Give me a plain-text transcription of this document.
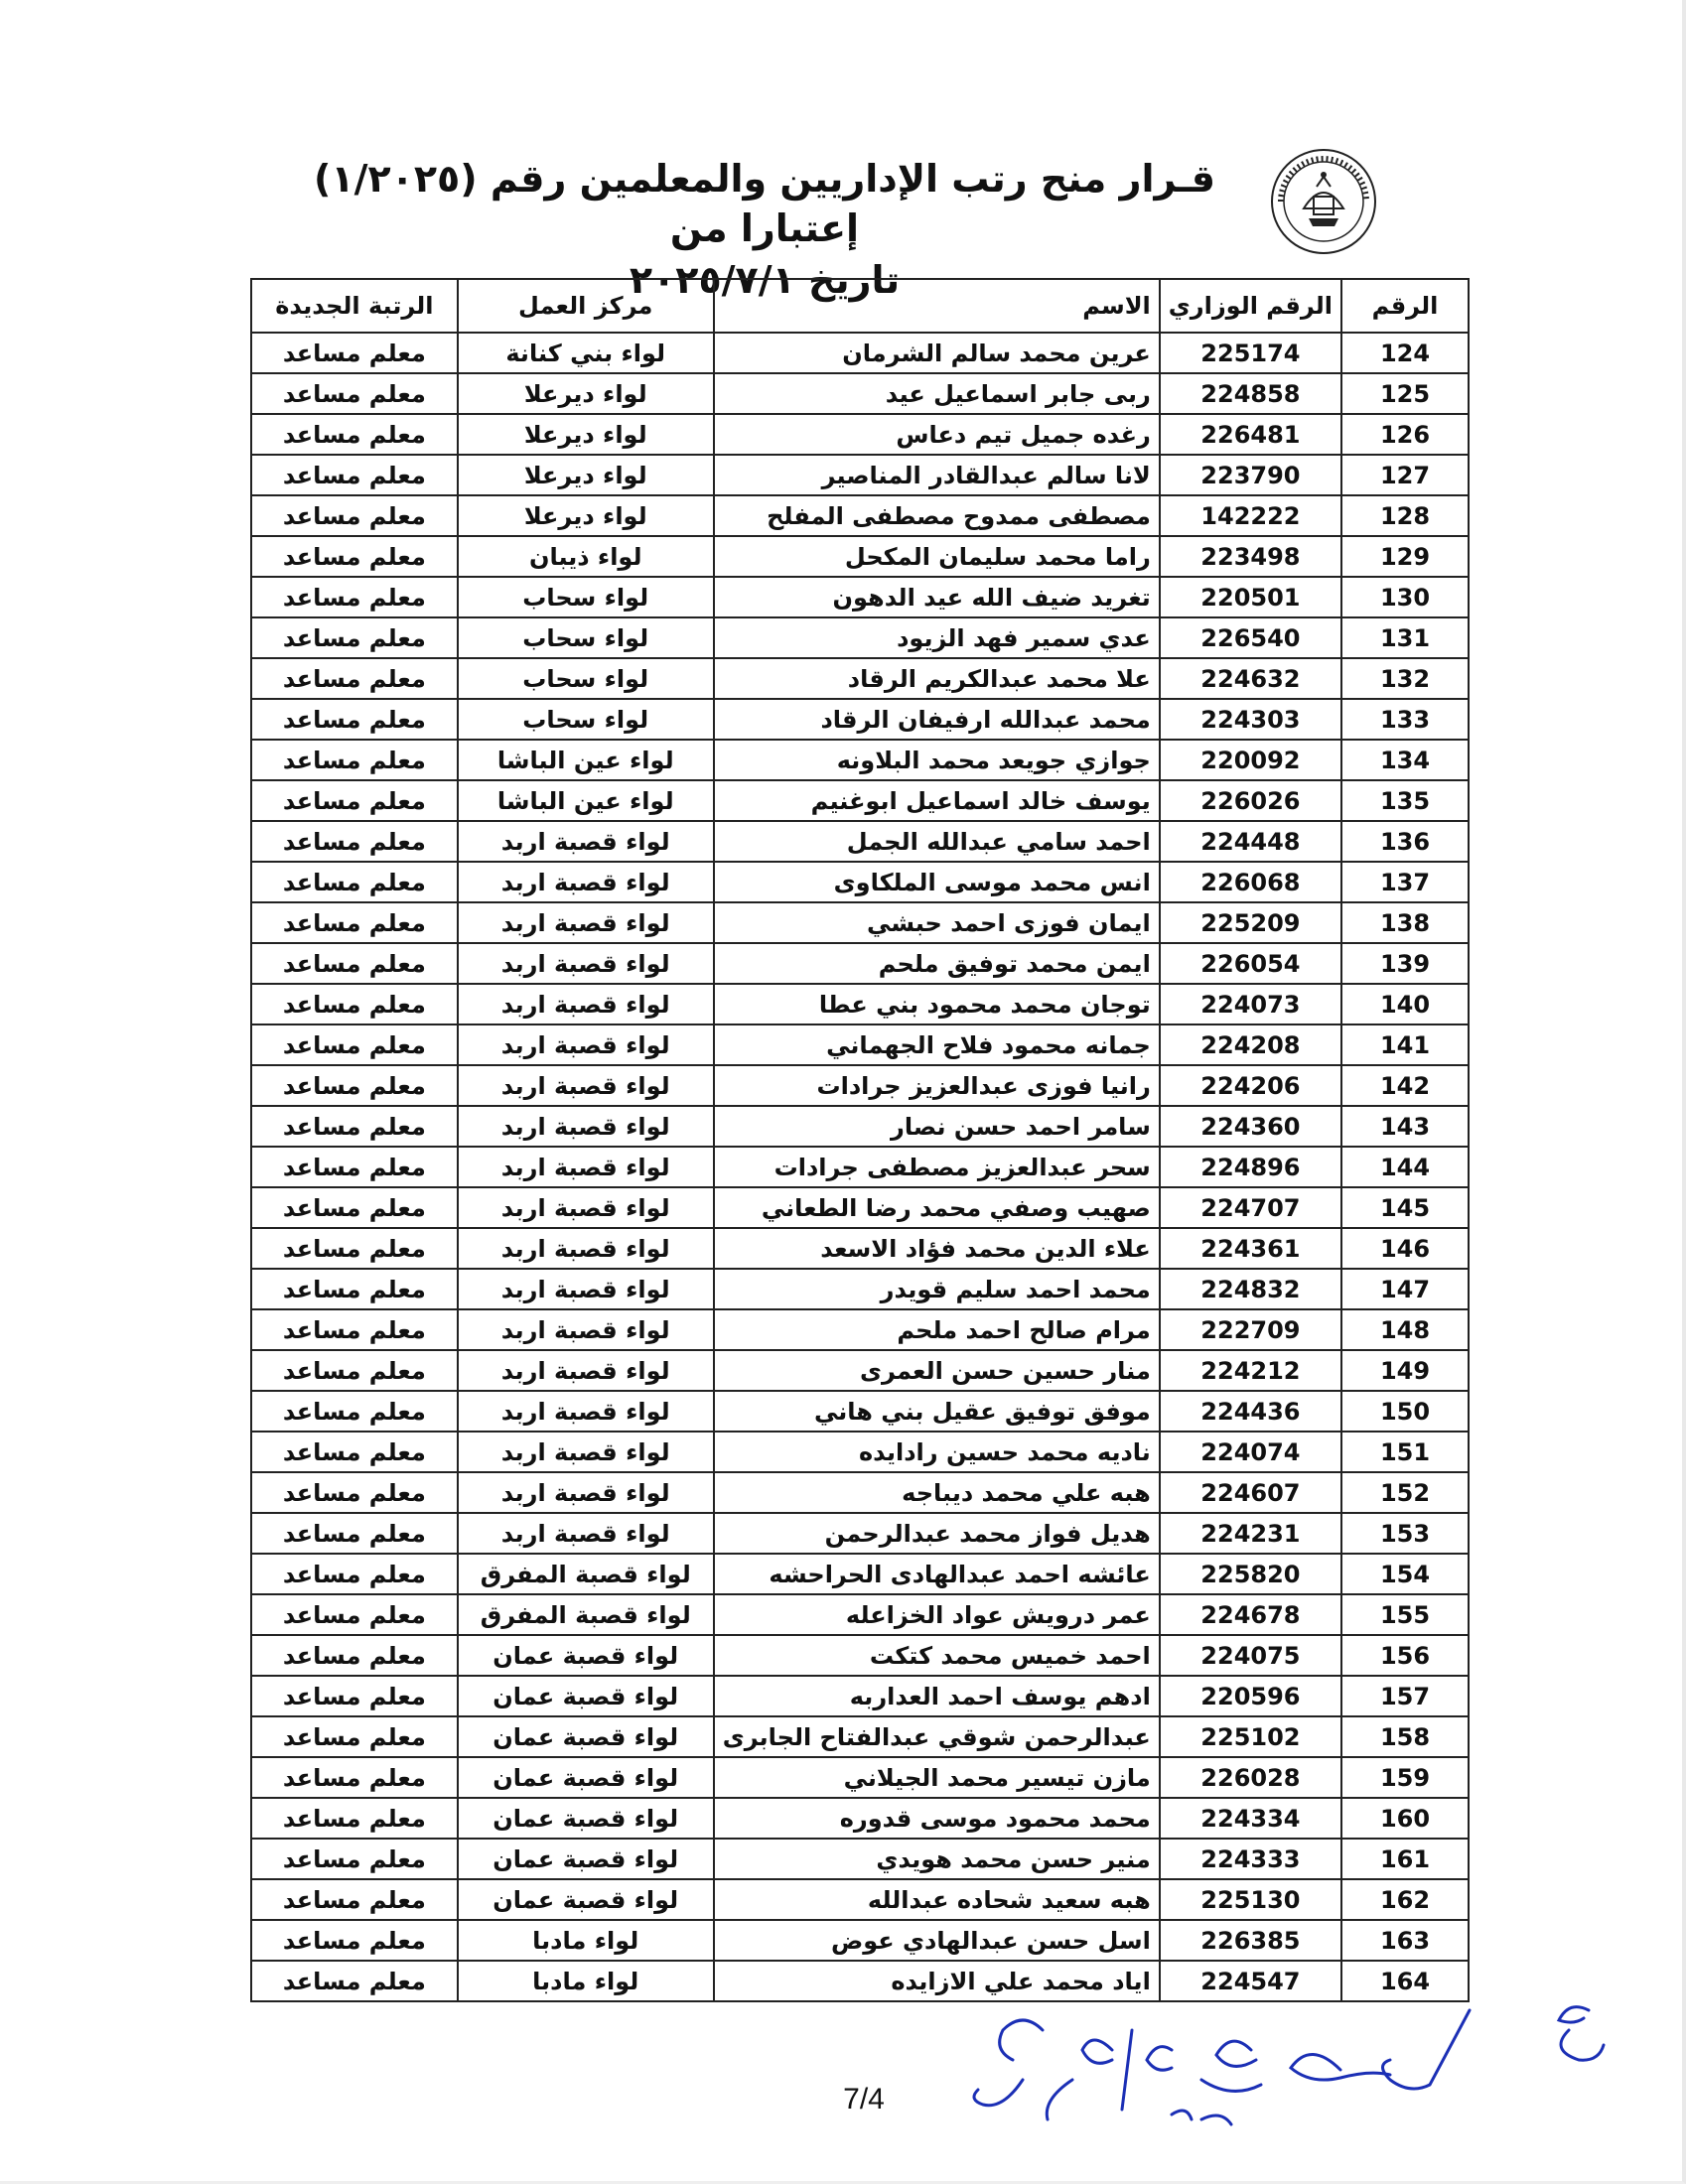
قـرار منح رتب الإداريين والمعلمين رقم (١/٢٠٢٥) إعتبارا من
تاريخ ٢٠٢٥/٧/١
الرقم	الرقم الوزاري	الاسم	مركز العمل	الرتبة الجديدة
124	225174	عرين محمد سالم الشرمان	لواء بني كنانة	معلم مساعد
125	224858	ربى جابر اسماعيل عيد	لواء ديرعلا	معلم مساعد
126	226481	رغده جميل تيم دعاس	لواء ديرعلا	معلم مساعد
127	223790	لانا سالم عبدالقادر المناصير	لواء ديرعلا	معلم مساعد
128	142222	مصطفى ممدوح مصطفى المفلح	لواء ديرعلا	معلم مساعد
129	223498	راما محمد سليمان المكحل	لواء ذيبان	معلم مساعد
130	220501	تغريد ضيف الله عيد الدهون	لواء سحاب	معلم مساعد
131	226540	عدي سمير فهد الزيود	لواء سحاب	معلم مساعد
132	224632	علا محمد عبدالكريم الرقاد	لواء سحاب	معلم مساعد
133	224303	محمد عبدالله ارفيفان الرقاد	لواء سحاب	معلم مساعد
134	220092	جوازي جويعد محمد البلاونه	لواء عين الباشا	معلم مساعد
135	226026	يوسف خالد اسماعيل ابوغنيم	لواء عين الباشا	معلم مساعد
136	224448	احمد سامي عبدالله الجمل	لواء قصبة اربد	معلم مساعد
137	226068	انس محمد موسى الملكاوى	لواء قصبة اربد	معلم مساعد
138	225209	ايمان فوزى احمد حبشي	لواء قصبة اربد	معلم مساعد
139	226054	ايمن محمد توفيق ملحم	لواء قصبة اربد	معلم مساعد
140	224073	توجان محمد محمود بني عطا	لواء قصبة اربد	معلم مساعد
141	224208	جمانه محمود فلاح الجهماني	لواء قصبة اربد	معلم مساعد
142	224206	رانيا فوزى عبدالعزيز جرادات	لواء قصبة اربد	معلم مساعد
143	224360	سامر احمد حسن نصار	لواء قصبة اربد	معلم مساعد
144	224896	سحر عبدالعزيز مصطفى جرادات	لواء قصبة اربد	معلم مساعد
145	224707	صهيب وصفي محمد رضا الطعاني	لواء قصبة اربد	معلم مساعد
146	224361	علاء الدين محمد فؤاد الاسعد	لواء قصبة اربد	معلم مساعد
147	224832	محمد احمد سليم قويدر	لواء قصبة اربد	معلم مساعد
148	222709	مرام صالح احمد ملحم	لواء قصبة اربد	معلم مساعد
149	224212	منار حسين حسن العمرى	لواء قصبة اربد	معلم مساعد
150	224436	موفق توفيق عقيل بني هاني	لواء قصبة اربد	معلم مساعد
151	224074	ناديه محمد حسين رادايده	لواء قصبة اربد	معلم مساعد
152	224607	هبه علي محمد ديباجه	لواء قصبة اربد	معلم مساعد
153	224231	هديل فواز محمد عبدالرحمن	لواء قصبة اربد	معلم مساعد
154	225820	عائشه احمد عبدالهادى الحراحشه	لواء قصبة المفرق	معلم مساعد
155	224678	عمر درويش عواد الخزاعله	لواء قصبة المفرق	معلم مساعد
156	224075	احمد خميس محمد كتكت	لواء قصبة عمان	معلم مساعد
157	220596	ادهم يوسف احمد العداربه	لواء قصبة عمان	معلم مساعد
158	225102	عبدالرحمن شوقي عبدالفتاح الجابرى	لواء قصبة عمان	معلم مساعد
159	226028	مازن تيسير محمد الجيلاني	لواء قصبة عمان	معلم مساعد
160	224334	محمد محمود موسى قدوره	لواء قصبة عمان	معلم مساعد
161	224333	منير حسن محمد هويدي	لواء قصبة عمان	معلم مساعد
162	225130	هبه سعيد شحاده عبدالله	لواء قصبة عمان	معلم مساعد
163	226385	اسل حسن عبدالهادي عوض	لواء مادبا	معلم مساعد
164	224547	اياد محمد علي الازايده	لواء مادبا	معلم مساعد
7/4
